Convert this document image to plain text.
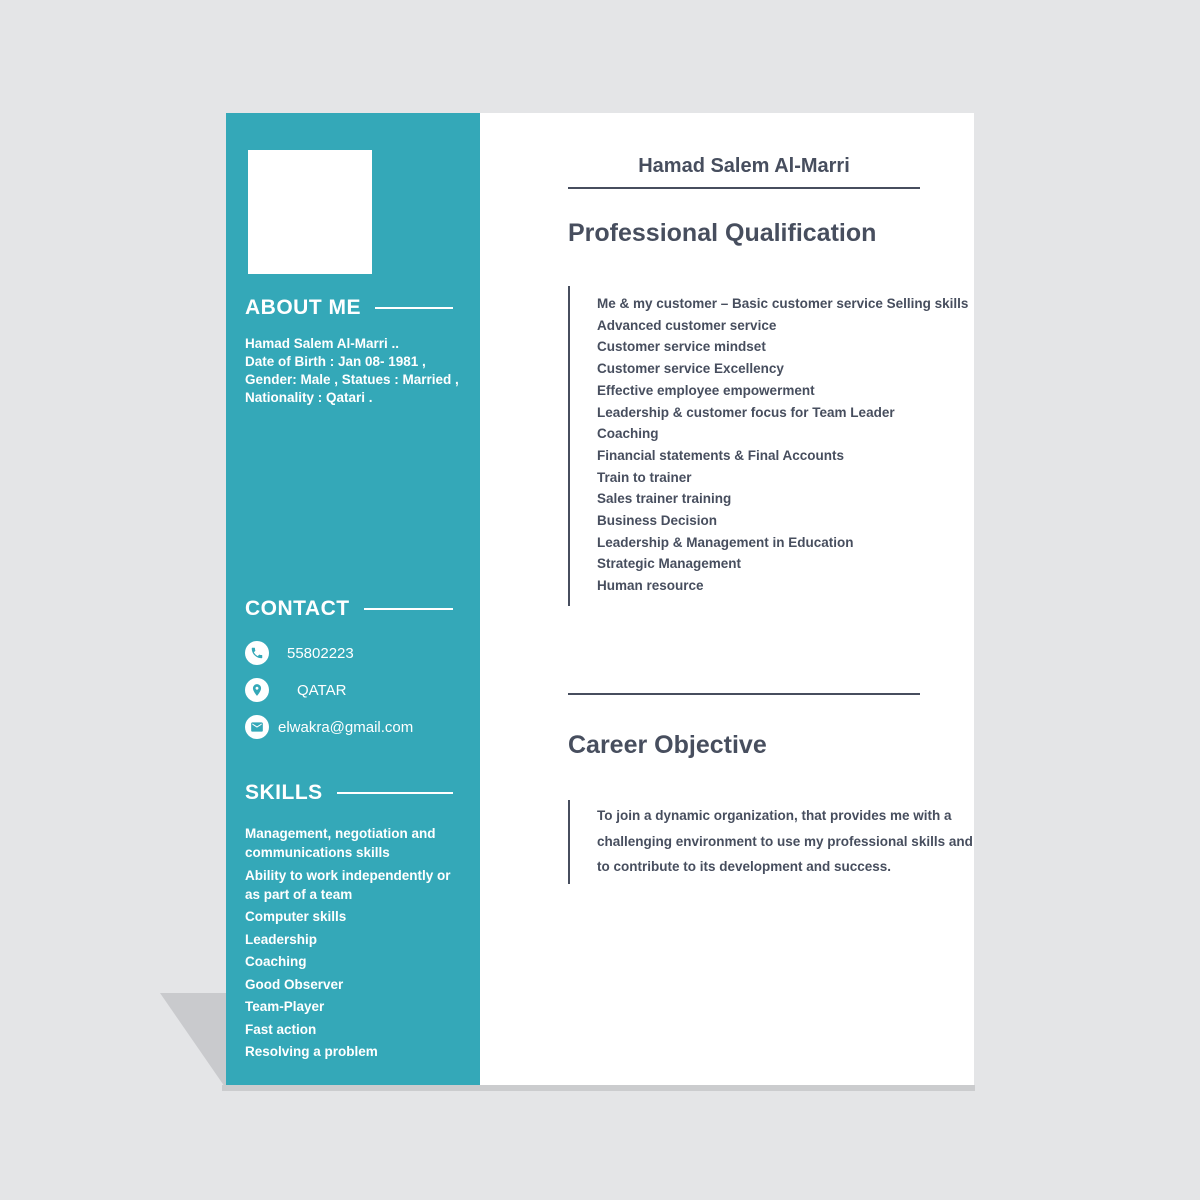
ABOUT ME
Hamad Salem Al-Marri ..
Date of Birth : Jan 08- 1981 ,
Gender: Male , Statues : Married ,
Nationality : Qatari .
CONTACT
55802223
QATAR
elwakra@gmail.com
SKILLS
Management, negotiation and communications skills
Ability to work independently or as part of a team
Computer skills
Leadership
Coaching
Good Observer
Team-Player
Fast action
Resolving a problem
Hamad Salem Al-Marri
Professional Qualification
Me & my customer – Basic customer service Selling skills
Advanced customer service
Customer service mindset
Customer service Excellency
Effective employee empowerment
Leadership & customer focus for Team Leader
Coaching
Financial statements & Final Accounts
Train to trainer
Sales trainer training
Business Decision
Leadership & Management in Education
Strategic Management
Human resource
Career Objective
To join a dynamic organization, that provides me with a challenging environment to use my professional skills and to contribute to its development and success.
